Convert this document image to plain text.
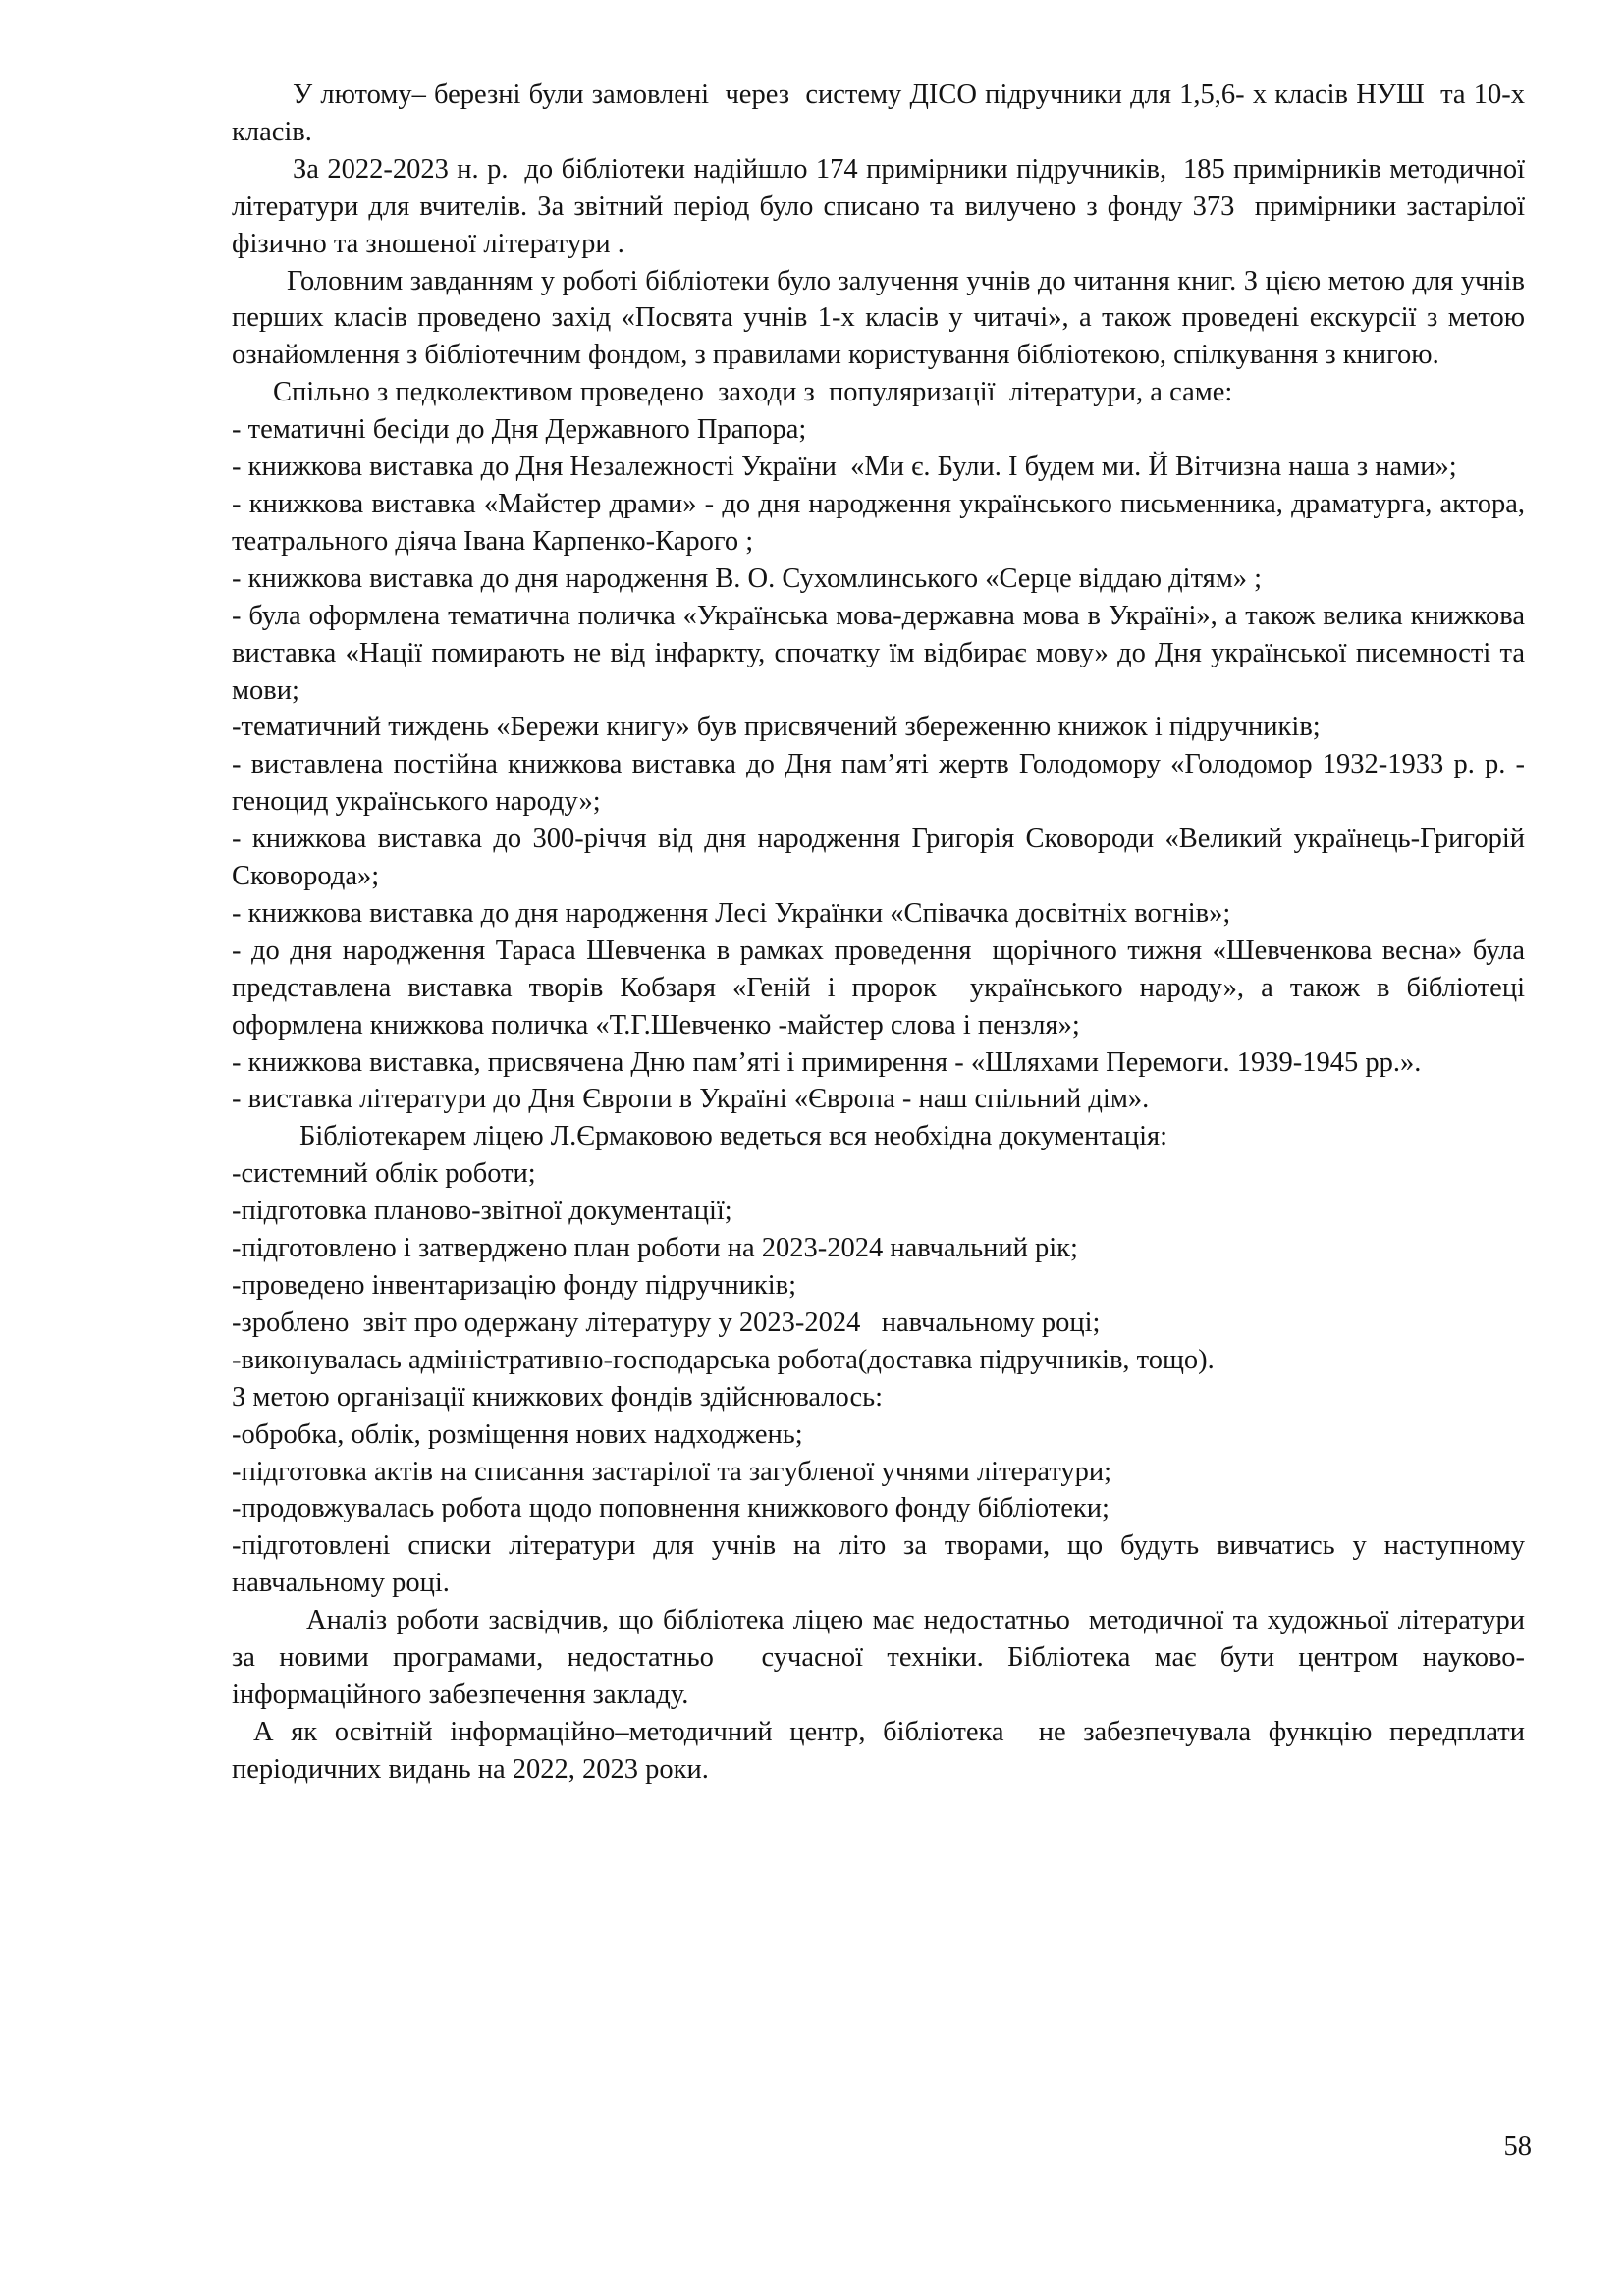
У лютому– березні були замовлені  через  систему ДІСО підручники для 1,5,6- х класів НУШ  та 10-х класів.

За 2022-2023 н. р.  до бібліотеки надійшло 174 примірники підручників,  185 примірників методичної літератури для вчителів. За звітний період було списано та вилучено з фонду 373  примірники застарілої фізично та зношеної літератури .

Головним завданням у роботі бібліотеки було залучення учнів до читання книг. З цією метою для учнів перших класів проведено захід «Посвята учнів 1-х класів у читачі», а також проведені екскурсії з метою ознайомлення з бібліотечним фондом, з правилами користування бібліотекою, спілкування з книгою.

Спільно з педколективом проведено  заходи з  популяризації  літератури, а саме:

- тематичні бесіди до Дня Державного Прапора;

- книжкова виставка до Дня Незалежності України  «Ми є. Були. І будем ми. Й Вітчизна наша з нами»;

- книжкова виставка «Майстер драми» - до дня народження українського письменника, драматурга, актора, театрального діяча Івана Карпенко-Карого ;

- книжкова виставка до дня народження В. О. Сухомлинського «Серце віддаю дітям» ;

- була оформлена тематична поличка «Українська мова-державна мова в Україні», а також велика книжкова виставка «Нації помирають не від інфаркту, спочатку їм відбирає мову» до Дня української писемності та мови;

-тематичний тиждень «Бережи книгу» був присвячений збереженню книжок і підручників;

- виставлена постійна книжкова виставка до Дня пам’яті жертв Голодомору «Голодомор 1932-1933 р. р. - геноцид українського народу»;

- книжкова виставка до 300-річчя від дня народження Григорія Сковороди «Великий українець-Григорій Сковорода»;

- книжкова виставка до дня народження Лесі Українки «Співачка досвітніх вогнів»;

- до дня народження Тараса Шевченка в рамках проведення  щорічного тижня «Шевченкова весна» була представлена виставка творів Кобзаря «Геній і пророк  українського народу», а також в бібліотеці оформлена книжкова поличка «Т.Г.Шевченко -майстер слова і пензля»;

- книжкова виставка, присвячена Дню пам’яті і примирення - «Шляхами Перемоги. 1939-1945 рр.».

- виставка літератури до Дня Європи в Україні «Європа - наш спільний дім».

Бібліотекарем ліцею Л.Єрмаковою ведеться вся необхідна документація:

-системний облік роботи;

-підготовка планово-звітної документації;

-підготовлено і затверджено план роботи на 2023-2024 навчальний рік;

-проведено інвентаризацію фонду підручників;

-зроблено  звіт про одержану літературу у 2023-2024   навчальному році;

-виконувалась адміністративно-господарська робота(доставка підручників, тощо).

З метою організації книжкових фондів здійснювалось:

-обробка, облік, розміщення нових надходжень;

-підготовка актів на списання застарілої та загубленої учнями літератури;

-продовжувалась робота щодо поповнення книжкового фонду бібліотеки;

-підготовлені списки літератури для учнів на літо за творами, що будуть вивчатись у наступному навчальному році.

Аналіз роботи засвідчив, що бібліотека ліцею має недостатньо  методичної та художньої літератури за новими програмами, недостатньо  сучасної техніки. Бібліотека має бути центром науково-інформаційного забезпечення закладу.

А як освітній інформаційно–методичний центр, бібліотека  не забезпечувала функцію передплати періодичних видань на 2022, 2023 роки.

58
